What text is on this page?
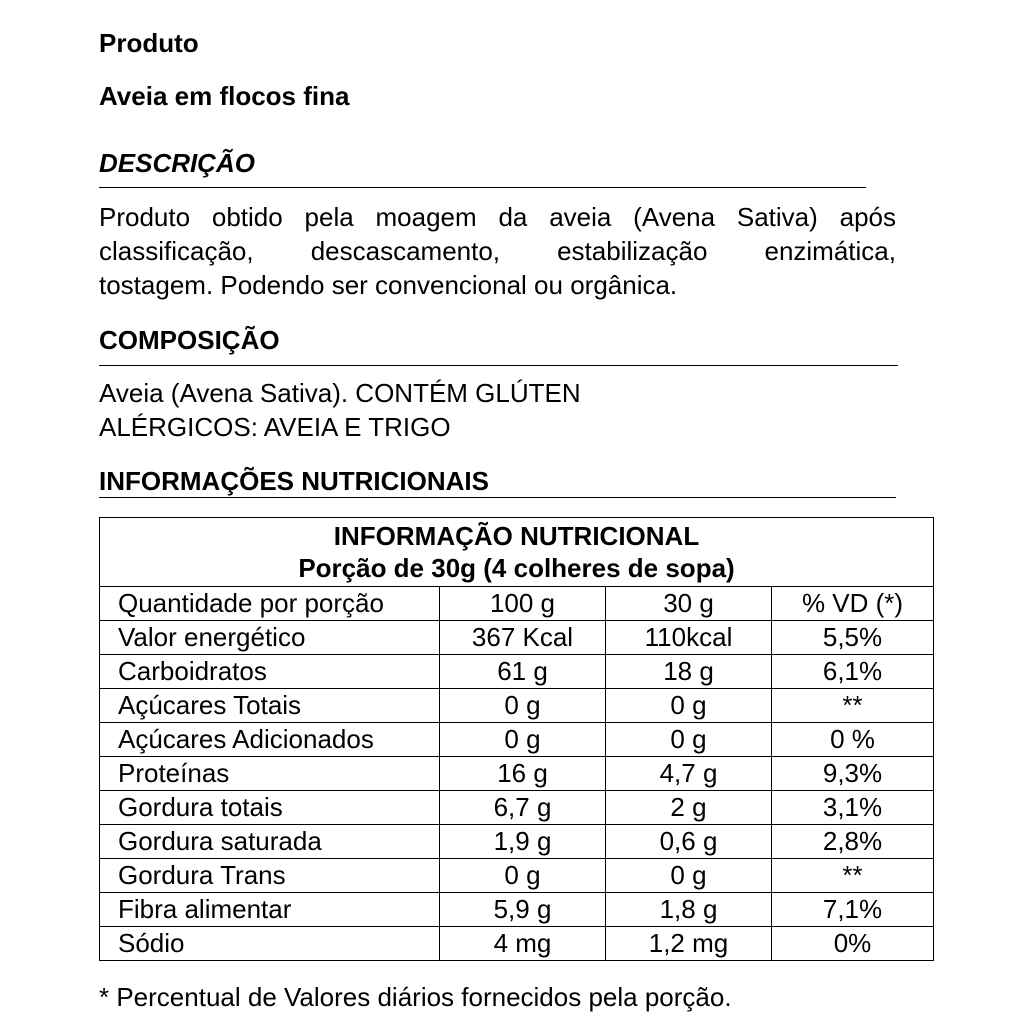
Produto
Aveia em flocos fina
DESCRIÇÃO
Produto obtido pela moagem da aveia (Avena Sativa) após
classificação, descascamento, estabilização enzimática,
tostagem. Podendo ser convencional ou orgânica.
COMPOSIÇÃO
Aveia (Avena Sativa). CONTÉM GLÚTEN
ALÉRGICOS: AVEIA E TRIGO
INFORMAÇÕES NUTRICIONAIS
INFORMAÇÃO NUTRICIONAL
Porção de 30g (4 colheres de sopa)			

Quantidade por porção	100 g	30 g	% VD (*)
Valor energético	367 Kcal	110kcal	5,5%
Carboidratos	61 g	18 g	6,1%
Açúcares Totais	0 g	0 g	**
Açúcares Adicionados	0 g	0 g	0 %
Proteínas	16 g	4,7 g	9,3%
Gordura totais	6,7 g	2 g	3,1%
Gordura saturada	1,9 g	0,6 g	2,8%
Gordura Trans	0 g	0 g	**
Fibra alimentar	5,9 g	1,8 g	7,1%
Sódio	4 mg	1,2 mg	0%
* Percentual de Valores diários fornecidos pela porção.
